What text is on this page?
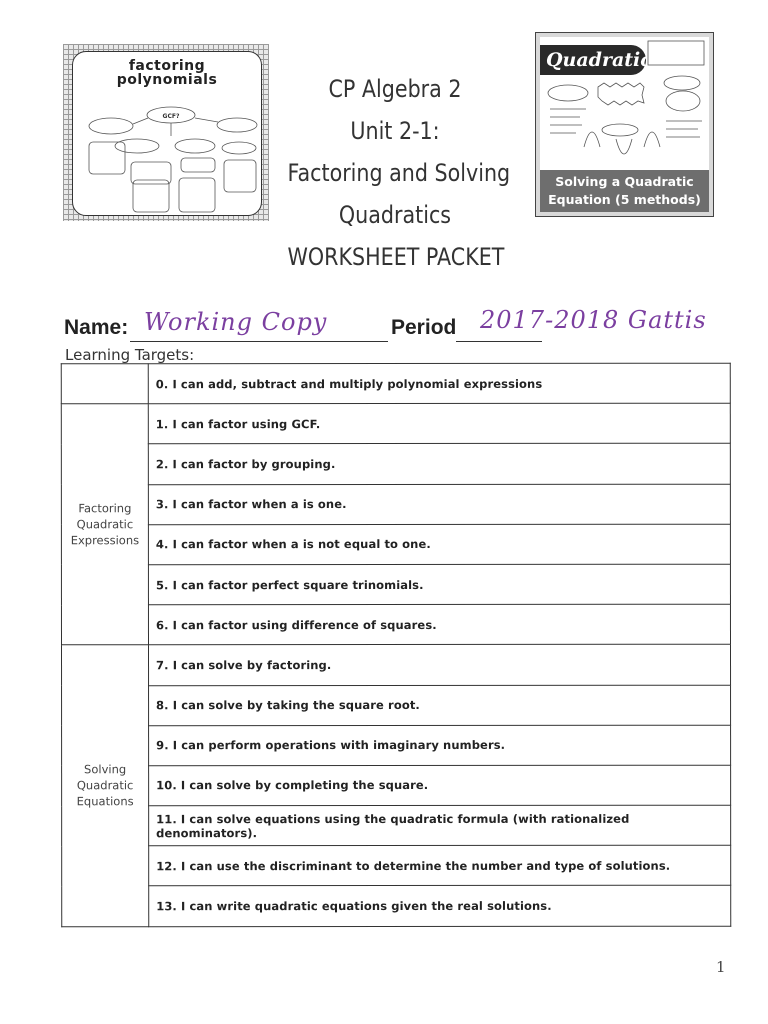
factoring
polynomials
GCF?
CP Algebra 2
Unit 2-1:
Factoring and Solving
Quadratics
WORKSHEET PACKET
Quadratic
Solving a Quadratic
Equation (5 methods)
Name: Working Copy	Period 2017-2018 Gattis
Learning Targets:
	0. I can add, subtract and multiply polynomial expressions

Factoring
Quadratic
Expressions	1. I can factor using GCF.
	2. I can factor by grouping.
	3. I can factor when a is one.
	4. I can factor when a is not equal to one.
	5. I can factor perfect square trinomials.
	6. I can factor using difference of squares.

Solving
Quadratic
Equations	7. I can solve by factoring.
	8. I can solve by taking the square root.
	9. I can perform operations with imaginary numbers.
	10. I can solve by completing the square.
	11. I can solve equations using the quadratic formula (with rationalized denominators).
	12. I can use the discriminant to determine the number and type of solutions.
	13. I can write quadratic equations given the real solutions.
1
